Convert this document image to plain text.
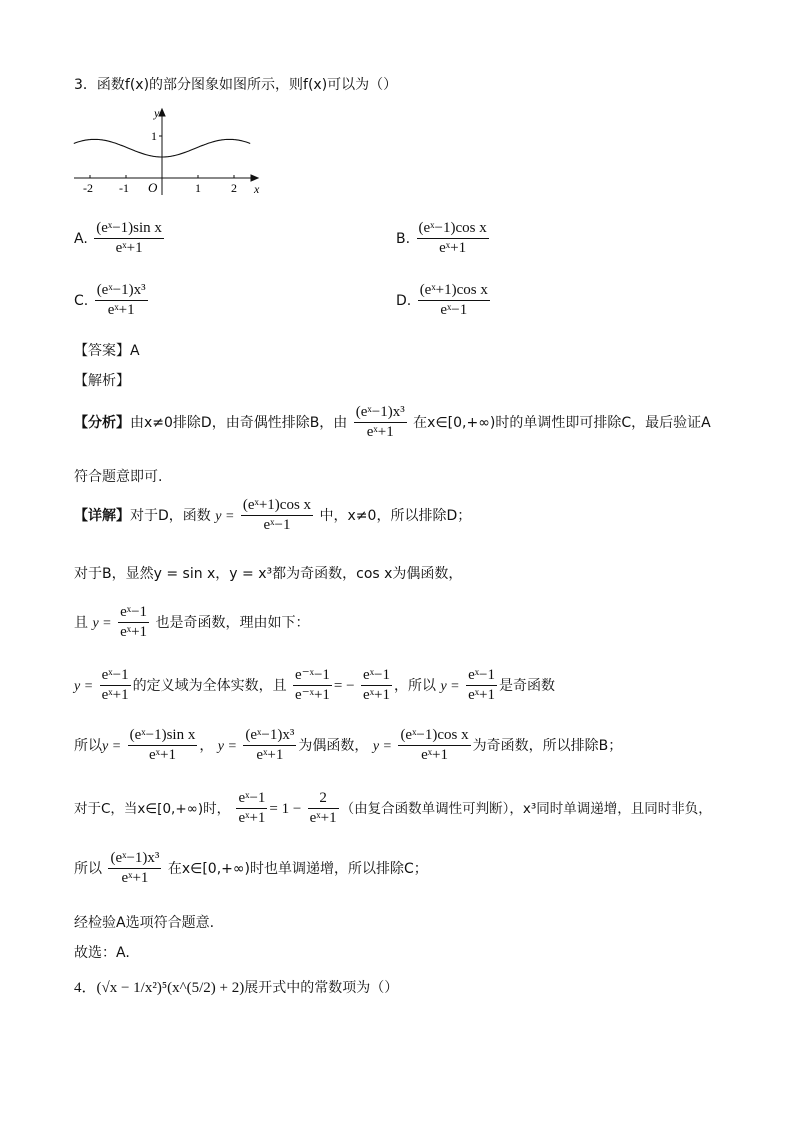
3．函数f(x)的部分图象如图所示，则f(x)可以为（）
y
x
O
1
-2 -1	1	2
A. $\frac{\text{(eˣ−1)sin x}}{\text{eˣ+1}}$	B. $\frac{\text{(eˣ−1)cos x}}{\text{eˣ+1}}$
C. $\frac{\text{(eˣ−1)x³}}{\text{eˣ+1}}$	D. $\frac{\text{(eˣ+1)cos x}}{\text{eˣ−1}}$
【答案】A
【解析】
【分析】由x≠0排除D，由奇偶性排除B，由 $\frac{\text{(eˣ−1)x³}}{\text{eˣ+1}}$ 在x∈[0,+∞)时的单调性即可排除C，最后验证A
符合题意即可.
【详解】对于D，函数 $y = \frac{\text{(eˣ+1)cos x}}{\text{eˣ−1}}$ 中，x≠0，所以排除D；
对于B，显然y = sin x，y = x³都为奇函数，cos x为偶函数，
且 $y = \frac{\text{eˣ−1}}{\text{eˣ+1}}$ 也是奇函数，理由如下：
$y = \frac{\text{eˣ−1}}{\text{eˣ+1}}$ 的定义域为全体实数，且 $\frac{\text{e⁻ˣ−1}}{\text{e⁻ˣ+1}}$ = − $\frac{\text{eˣ−1}}{\text{eˣ+1}}$ ，所以 $y = \frac{\text{eˣ−1}}{\text{eˣ+1}}$ 是奇函数
所以$y = \frac{\text{(eˣ−1)sin x}}{\text{eˣ+1}}$ ， $y = \frac{\text{(eˣ−1)x³}}{\text{eˣ+1}}$ 为偶函数， $y = \frac{\text{(eˣ−1)cos x}}{\text{eˣ+1}}$ 为奇函数，所以排除B；
对于C，当x∈[0,+∞)时， $\frac{\text{eˣ−1}}{\text{eˣ+1}} = 1 - \frac{2}{\text{eˣ+1}}$ （由复合函数单调性可判断），x³同时单调递增，且同时非负，
所以 $\frac{\text{(eˣ−1)x³}}{\text{eˣ+1}}$ 在x∈[0,+∞)时也单调递增，所以排除C；
经检验A选项符合题意.
故选：A.
4．(√x − 1/x²)⁵(x^(5/2) + 2)展开式中的常数项为（）
